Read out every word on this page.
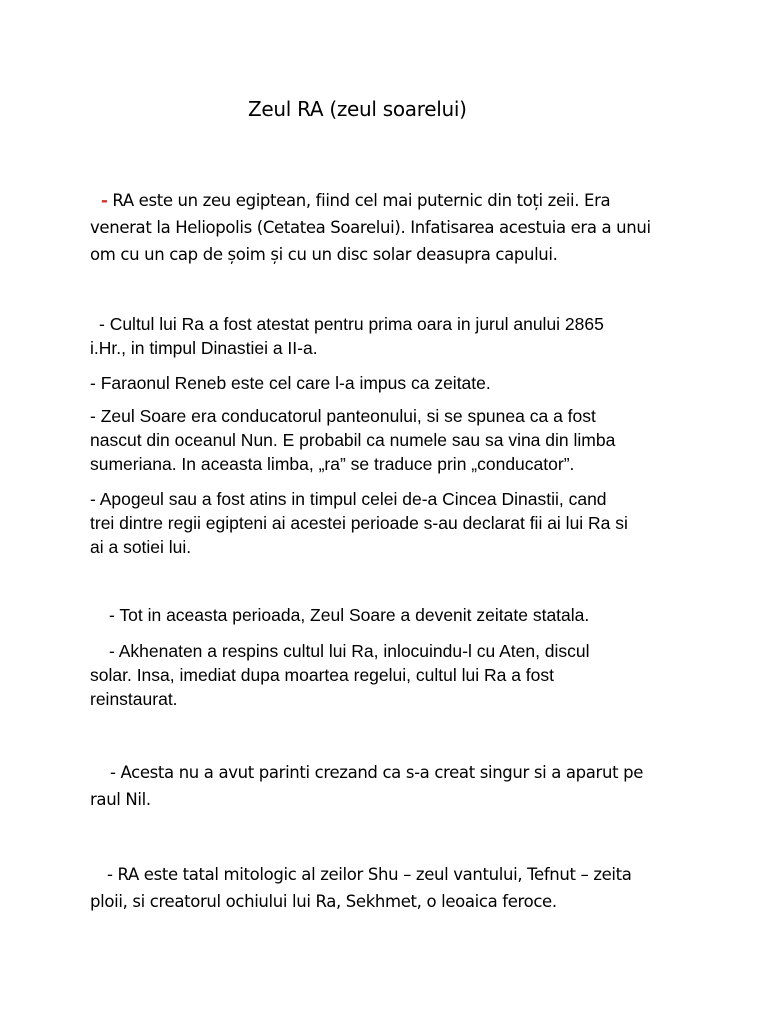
Zeul RA (zeul soarelui)

- RA este un zeu egiptean, fiind cel mai puternic din toți zeii. Era
venerat la Heliopolis (Cetatea Soarelui). Infatisarea acestuia era a unui
om cu un cap de șoim și cu un disc solar deasupra capului.

- Cultul lui Ra a fost atestat pentru prima oara in jurul anului 2865
i.Hr., in timpul Dinastiei a II-a.

- Faraonul Reneb este cel care l-a impus ca zeitate.

- Zeul Soare era conducatorul panteonului, si se spunea ca a fost
nascut din oceanul Nun. E probabil ca numele sau sa vina din limba
sumeriana. In aceasta limba, „ra” se traduce prin „conducator”.

- Apogeul sau a fost atins in timpul celei de-a Cincea Dinastii, cand
trei dintre regii egipteni ai acestei perioade s-au declarat fii ai lui Ra si
ai a sotiei lui.

- Tot in aceasta perioada, Zeul Soare a devenit zeitate statala.

- Akhenaten a respins cultul lui Ra, inlocuindu-l cu Aten, discul
solar. Insa, imediat dupa moartea regelui, cultul lui Ra a fost
reinstaurat.

- Acesta nu a avut parinti crezand ca s-a creat singur si a aparut pe
raul Nil.

- RA este tatal mitologic al zeilor Shu – zeul vantului, Tefnut – zeita
ploii, si creatorul ochiului lui Ra, Sekhmet, o leoaica feroce.
